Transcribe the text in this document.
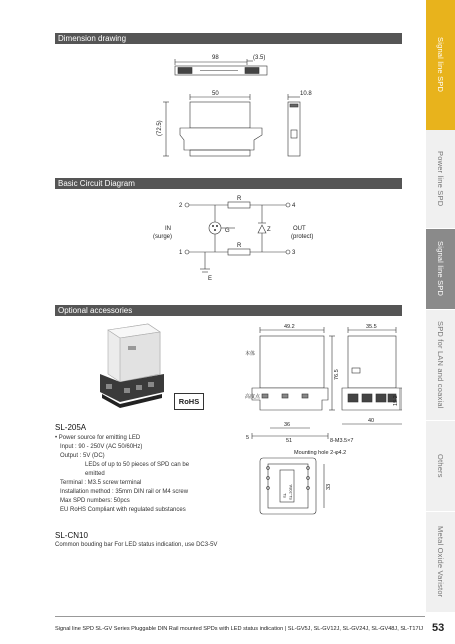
Dimension drawing
Basic Circuit Diagram
Optional accessories
Signal line SPD
Power line SPD
Signal line SPD
SPD for LAN and coaxial
Others
Metal Oxide Varistor
98	(3.5)
50	10.8
(72.5)
2
1
4
3
R
R
G	Z
E
IN
(surge)
OUT
(protect)
RoHS
49.2	35.5
本体
高度点
76.5
15.2
40
36
5	51	8-M3.5×7
Mounting hole 2-φ4.2
33
SL SL-205A
SL-205A
• Power source for emitting LED
Input : 90 - 250V (AC 50/60Hz)
Output : 5V (DC)
LEDs of up to 50 pieces of SPD can be
emitted
Terminal : M3.5 screw terminal
Installation method : 35mm DIN rail or M4 screw
Max SPD numbers: 50pcs
EU RoHS Compliant with regulated substances
SL-CN10
Common bouding bar For LED status indication, use DC3-5V
Signal line SPD SL-GV Series Pluggable DIN Rail mounted SPDs with LED status indication | SL-GV5J, SL-GV12J, SL-GV24J, SL-GV48J, SL-T17IJ 53
